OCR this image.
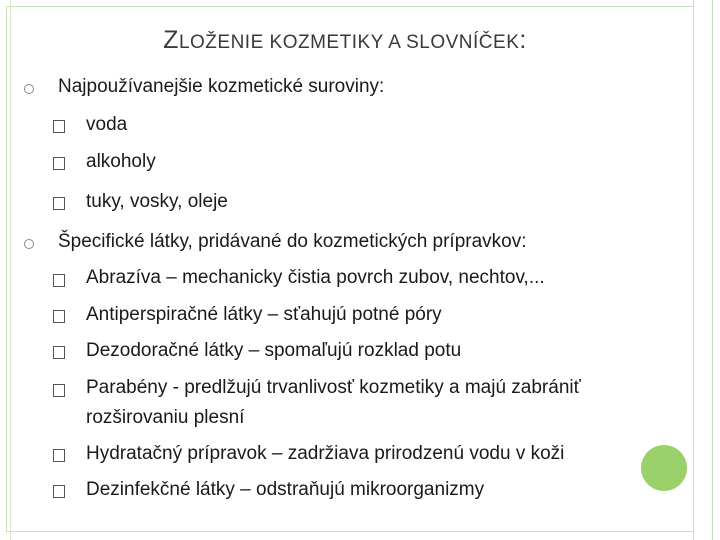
ZLOŽENIE KOZMETIKY A SLOVNÍČEK:
Najpoužívanejšie kozmetické suroviny:
voda
alkoholy
tuky, vosky, oleje
Špecifické látky, pridávané do kozmetických prípravkov:
Abrazíva – mechanicky čistia povrch zubov, nechtov,...
Antiperspiračné látky – sťahujú potné póry
Dezodoračné látky – spomaľujú rozklad potu
Parabény - predlžujú trvanlivosť kozmetiky a majú zabrániť
rozširovaniu plesní
Hydratačný prípravok – zadržiava prirodzenú vodu v koži
Dezinfekčné látky – odstraňujú mikroorganizmy
